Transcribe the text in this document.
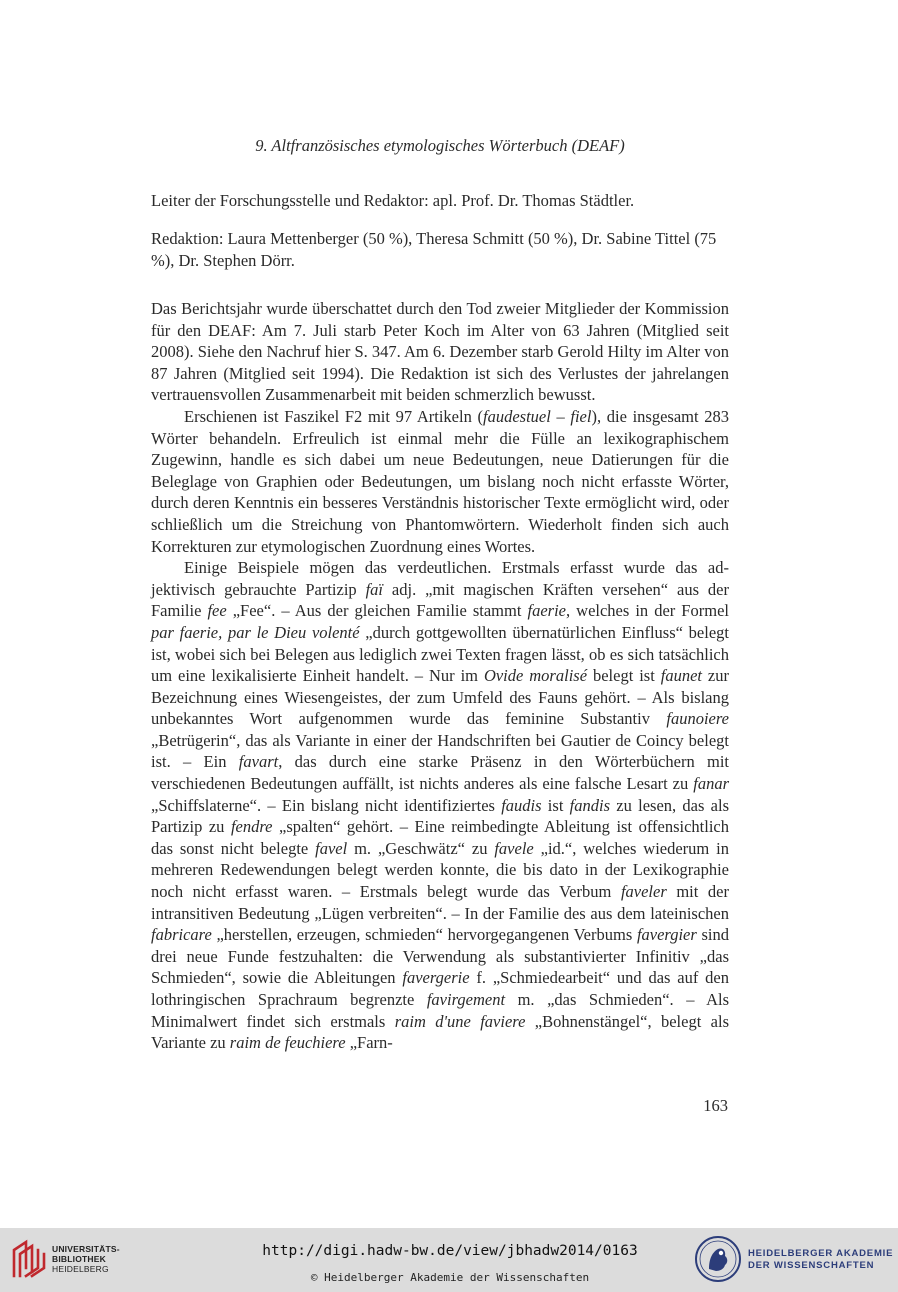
9. Altfranzösisches etymologisches Wörterbuch (DEAF)

Leiter der Forschungsstelle und Redaktor: apl. Prof. Dr. Thomas Städtler.

Redaktion: Laura Mettenberger (50 %), Theresa Schmitt (50 %), Dr. Sabine Tittel (75 %), Dr. Stephen Dörr.

Das Berichtsjahr wurde überschattet durch den Tod zweier Mitglieder der Kommission für den DEAF: Am 7. Juli starb Peter Koch im Alter von 63 Jahren (Mitglied seit 2008). Siehe den Nachruf hier S. 347. Am 6. Dezember starb Gerold Hilty im Alter von 87 Jahren (Mitglied seit 1994). Die Redaktion ist sich des Verlustes der jahrelangen vertrauensvollen Zusammenarbeit mit beiden schmerzlich bewusst.

Erschienen ist Faszikel F2 mit 97 Artikeln (faudestuel – fiel), die insgesamt 283 Wörter behandeln. Erfreulich ist einmal mehr die Fülle an lexikographischem Zugewinn, handle es sich dabei um neue Bedeutungen, neue Datierungen für die Beleglage von Graphien oder Bedeutungen, um bislang noch nicht erfasste Wörter, durch deren Kenntnis ein besseres Verständnis historischer Texte ermöglicht wird, oder schließlich um die Streichung von Phantomwörtern. Wiederholt finden sich auch Korrekturen zur etymologischen Zuordnung eines Wortes.

Einige Beispiele mögen das verdeutlichen. Erstmals erfasst wurde das adjektivisch gebrauchte Partizip faï adj. „mit magischen Kräften versehen“ aus der Familie fee „Fee“. – Aus der gleichen Familie stammt faerie, welches in der Formel par faerie, par le Dieu volenté „durch gottgewollten übernatürlichen Einfluss“ belegt ist, wobei sich bei Belegen aus lediglich zwei Texten fragen lässt, ob es sich tatsächlich um eine lexikalisierte Einheit handelt. – Nur im Ovide moralisé belegt ist faunet zur Bezeichnung eines Wiesengeistes, der zum Umfeld des Fauns gehört. – Als bislang unbekanntes Wort aufgenommen wurde das feminine Substantiv faunoiere „Betrügerin“, das als Variante in einer der Handschriften bei Gautier de Coincy belegt ist. – Ein favart, das durch eine starke Präsenz in den Wörterbüchern mit verschiedenen Bedeutungen auffällt, ist nichts anderes als eine falsche Lesart zu fanar „Schiffslaterne“. – Ein bislang nicht identifiziertes faudis ist fandis zu lesen, das als Partizip zu fendre „spalten“ gehört. – Eine reimbedingte Ableitung ist offensichtlich das sonst nicht belegte favel m. „Geschwätz“ zu favele „id.“, welches wiederum in mehreren Redewendungen belegt werden konnte, die bis dato in der Lexikographie noch nicht erfasst waren. – Erstmals belegt wurde das Verbum faveler mit der intransitiven Bedeutung „Lügen verbreiten“. – In der Familie des aus dem lateinischen fabricare „herstellen, erzeugen, schmieden“ hervorgegangenen Verbums favergier sind drei neue Funde festzuhalten: die Verwendung als substantivierter Infinitiv „das Schmieden“, sowie die Ableitungen favergerie f. „Schmiedearbeit“ und das auf den lothringischen Sprachraum begrenzte favirgement m. „das Schmieden“. – Als Minimalwert findet sich erstmals raim d'une faviere „Bohnenstängel“, belegt als Variante zu raim de feuchiere „Farn-

163
UNIVERSITÄTS-
BIBLIOTHEK
HEIDELBERG
http://digi.hadw-bw.de/view/jbhadw2014/0163
© Heidelberger Akademie der Wissenschaften
HEIDELBERGER AKADEMIE
DER WISSENSCHAFTEN
